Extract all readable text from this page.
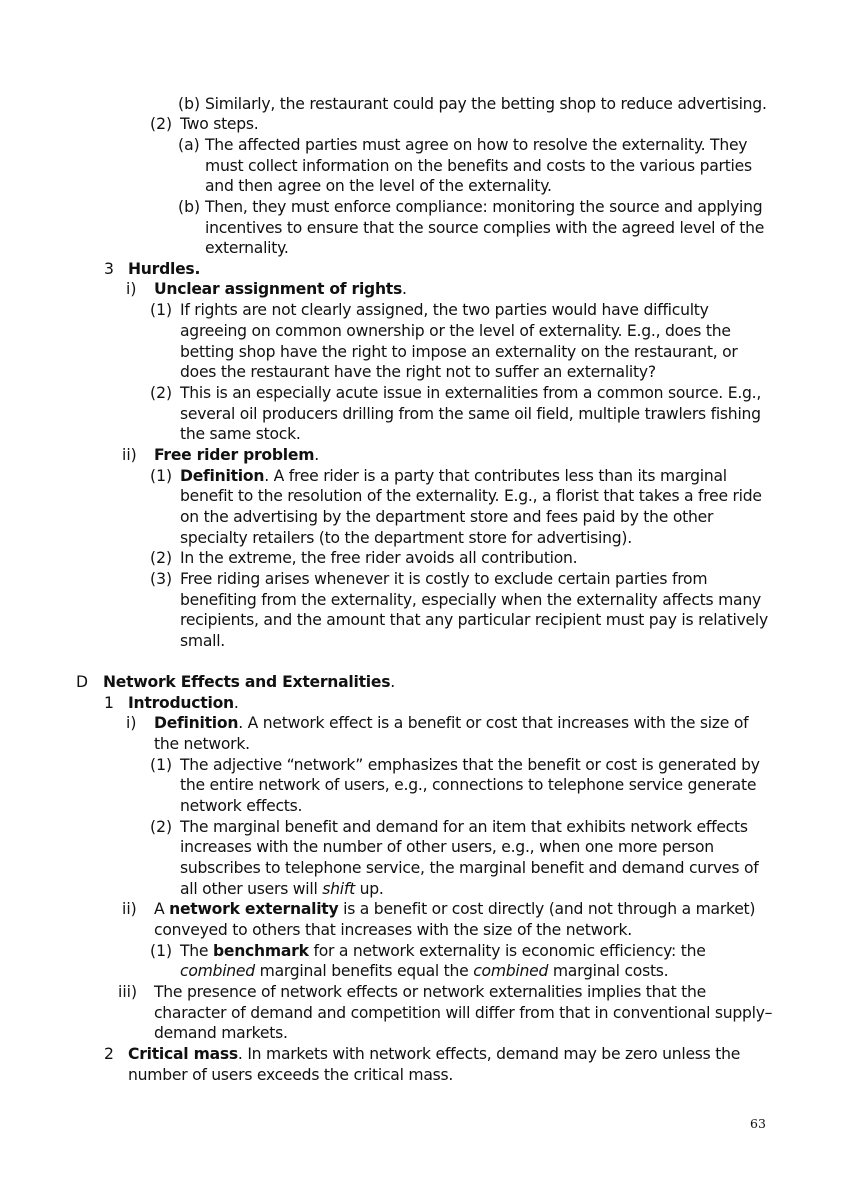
(b) Similarly, the restaurant could pay the betting shop to reduce advertising.
(2) Two steps.
(a) The affected parties must agree on how to resolve the externality. They
must collect information on the benefits and costs to the various parties
and then agree on the level of the externality.
(b) Then, they must enforce compliance: monitoring the source and applying
incentives to ensure that the source complies with the agreed level of the
externality.
3 Hurdles.
i) Unclear assignment of rights.
(1) If rights are not clearly assigned, the two parties would have difficulty
agreeing on common ownership or the level of externality. E.g., does the
betting shop have the right to impose an externality on the restaurant, or
does the restaurant have the right not to suffer an externality?
(2) This is an especially acute issue in externalities from a common source. E.g.,
several oil producers drilling from the same oil field, multiple trawlers fishing
the same stock.
ii) Free rider problem.
(1) Definition. A free rider is a party that contributes less than its marginal
benefit to the resolution of the externality. E.g., a florist that takes a free ride
on the advertising by the department store and fees paid by the other
specialty retailers (to the department store for advertising).
(2) In the extreme, the free rider avoids all contribution.
(3) Free riding arises whenever it is costly to exclude certain parties from
benefiting from the externality, especially when the externality affects many
recipients, and the amount that any particular recipient must pay is relatively
small.
D Network Effects and Externalities.
1 Introduction.
i) Definition. A network effect is a benefit or cost that increases with the size of
the network.
(1) The adjective “network” emphasizes that the benefit or cost is generated by
the entire network of users, e.g., connections to telephone service generate
network effects.
(2) The marginal benefit and demand for an item that exhibits network effects
increases with the number of other users, e.g., when one more person
subscribes to telephone service, the marginal benefit and demand curves of
all other users will shift up.
ii) A network externality is a benefit or cost directly (and not through a market)
conveyed to others that increases with the size of the network.
(1) The benchmark for a network externality is economic efficiency: the
combined marginal benefits equal the combined marginal costs.
iii) The presence of network effects or network externalities implies that the
character of demand and competition will differ from that in conventional supply–
demand markets.
2 Critical mass. In markets with network effects, demand may be zero unless the
number of users exceeds the critical mass.
63
